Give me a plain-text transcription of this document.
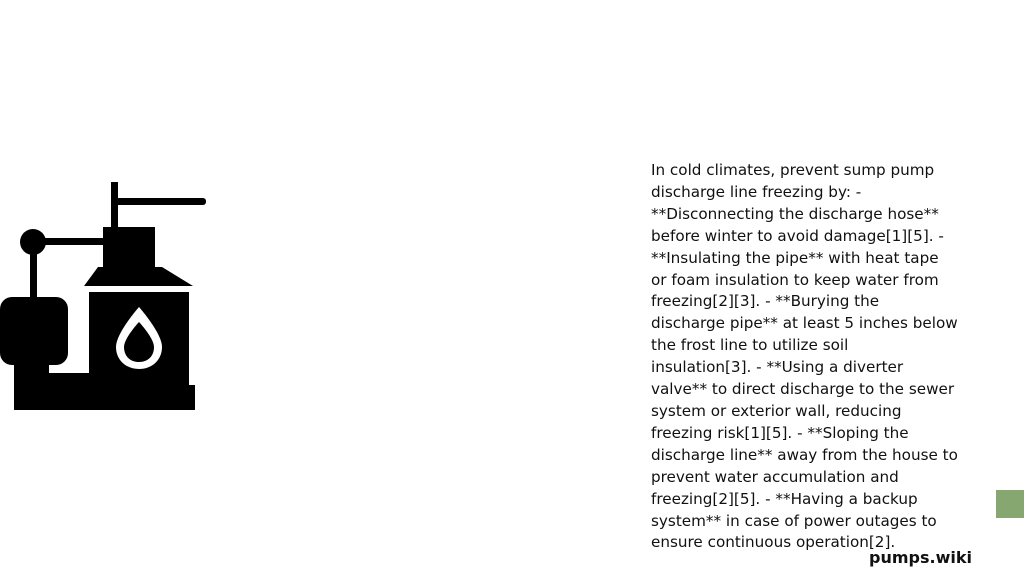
In cold climates, prevent sump pump
discharge line freezing by: -
**Disconnecting the discharge hose**
before winter to avoid damage[1][5]. -
**Insulating the pipe** with heat tape
or foam insulation to keep water from
freezing[2][3]. - **Burying the
discharge pipe** at least 5 inches below
the frost line to utilize soil
insulation[3]. - **Using a diverter
valve** to direct discharge to the sewer
system or exterior wall, reducing
freezing risk[1][5]. - **Sloping the
discharge line** away from the house to
prevent water accumulation and
freezing[2][5]. - **Having a backup
system** in case of power outages to
ensure continuous operation[2].

pumps.wiki
